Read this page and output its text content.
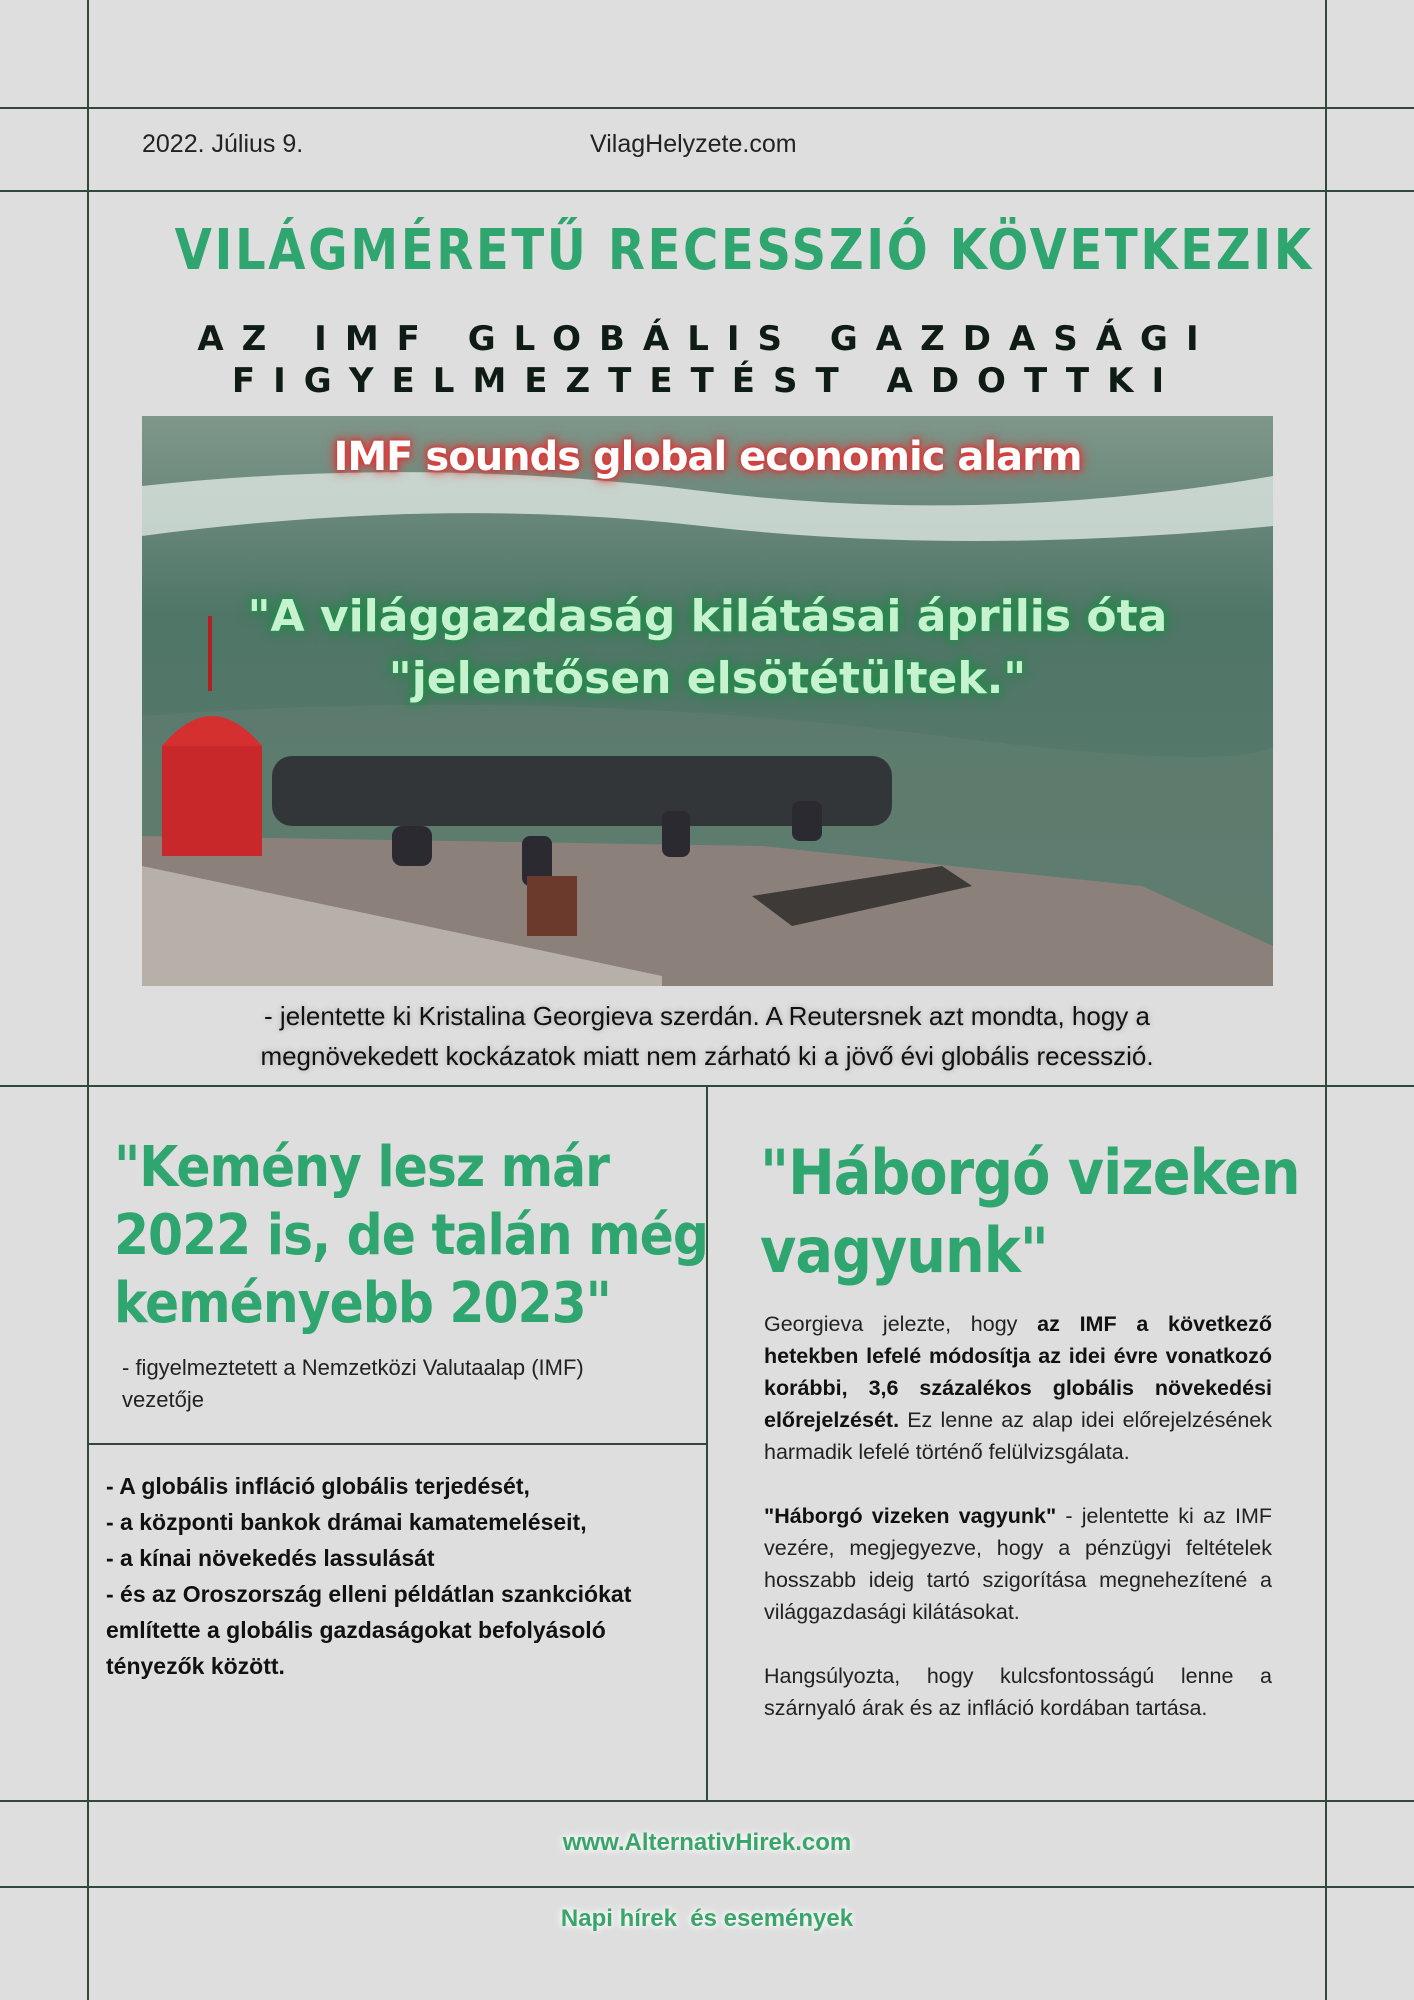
2022. Július 9.	VilagHelyzete.com
VILÁGMÉRETŰ RECESSZIÓ KÖVETKEZIK
AZ IMF GLOBÁLIS GAZDASÁGI
FIGYELMEZTETÉST ADOTTKI
IMF sounds global economic alarm
"A világgazdaság kilátásai április óta
"jelentősen elsötétültek."
- jelentette ki Kristalina Georgieva szerdán. A Reutersnek azt mondta, hogy a
megnövekedett kockázatok miatt nem zárható ki a jövő évi globális recesszió.
"Kemény lesz már
2022 is, de talán még
keményebb 2023"
- figyelmeztetett a Nemzetközi Valutaalap (IMF)
vezetője
- A globális infláció globális terjedését,
- a központi bankok drámai kamatemeléseit,
- a kínai növekedés lassulását
- és az Oroszország elleni példátlan szankciókat
említette a globális gazdaságokat befolyásoló
tényezők között.
"Háborgó vizeken
vagyunk"

Georgieva jelezte, hogy az IMF a következő hetekben lefelé módosítja az idei évre vonatkozó korábbi, 3,6 százalékos globális növekedési előrejelzését. Ez lenne az alap idei előrejelzésének harmadik lefelé történő felülvizsgálata.

"Háborgó vizeken vagyunk" - jelentette ki az IMF vezére, megjegyezve, hogy a pénzügyi feltételek hosszabb ideig tartó szigorítása megnehezítené a világgazdasági kilátásokat.

Hangsúlyozta, hogy kulcsfontosságú lenne a szárnyaló árak és az infláció kordában tartása.

www.AlternativHirek.com
Napi hírek  és események
